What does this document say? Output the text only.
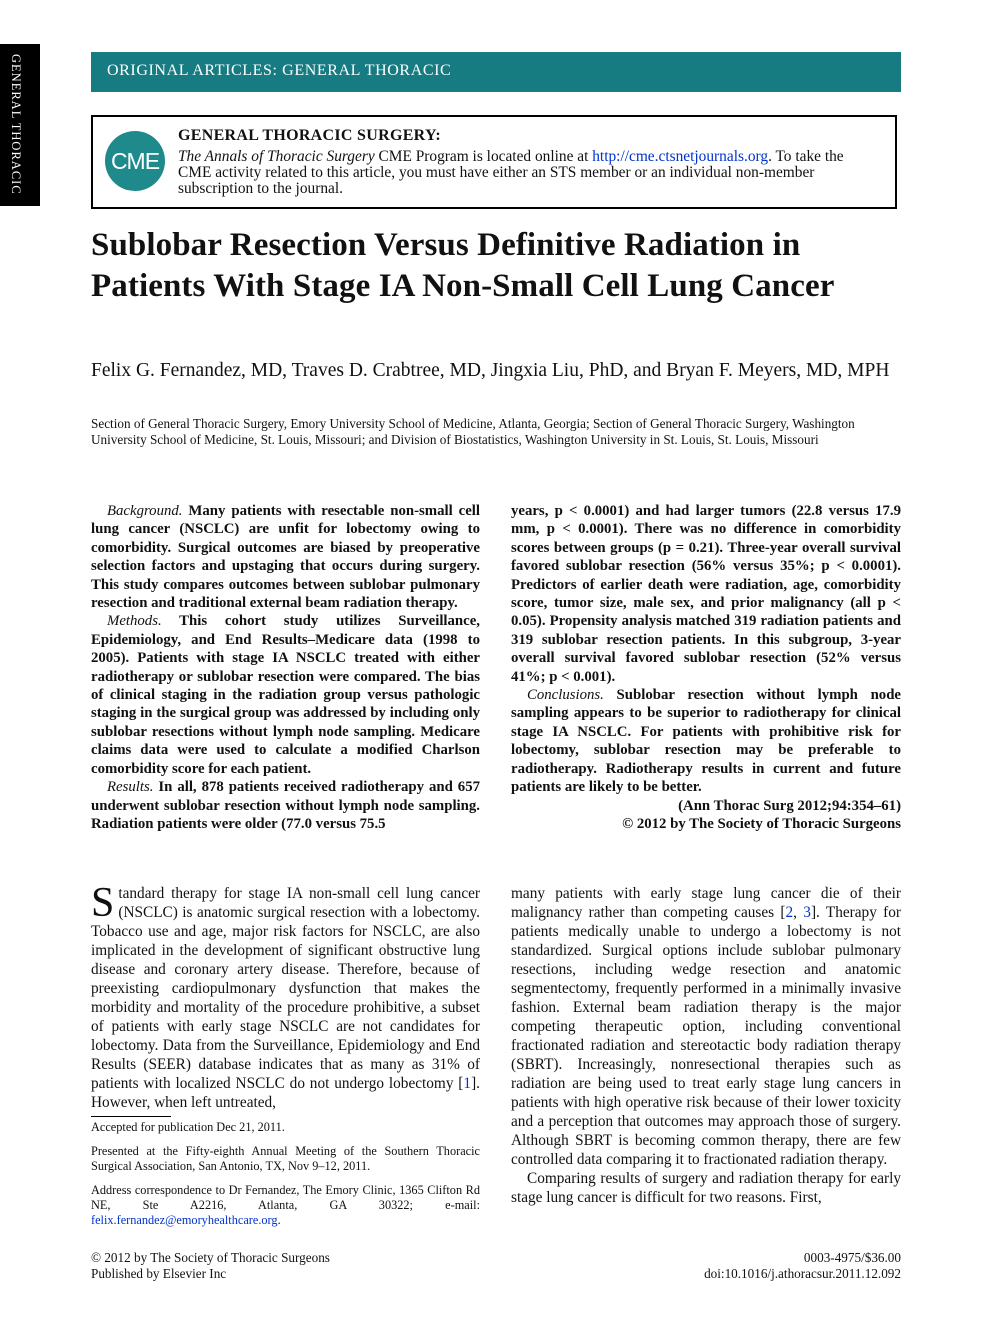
GENERAL THORACIC	ORIGINAL ARTICLES: GENERAL THORACIC
CME
GENERAL THORACIC SURGERY:
The Annals of Thoracic Surgery CME Program is located online at http://cme.ctsnetjournals.org. To take the CME activity related to this article, you must have either an STS member or an individual non-member subscription to the journal.
Sublobar Resection Versus Definitive Radiation in Patients With Stage IA Non-Small Cell Lung Cancer
Felix G. Fernandez, MD, Traves D. Crabtree, MD, Jingxia Liu, PhD, and Bryan F. Meyers, MD, MPH
Section of General Thoracic Surgery, Emory University School of Medicine, Atlanta, Georgia; Section of General Thoracic Surgery, Washington University School of Medicine, St. Louis, Missouri; and Division of Biostatistics, Washington University in St. Louis, St. Louis, Missouri

Background. Many patients with resectable non-small cell lung cancer (NSCLC) are unfit for lobectomy owing to comorbidity. Surgical outcomes are biased by preoperative selection factors and upstaging that occurs during surgery. This study compares outcomes between sublobar pulmonary resection and traditional external beam radiation therapy.

Methods. This cohort study utilizes Surveillance, Epidemiology, and End Results–Medicare data (1998 to 2005). Patients with stage IA NSCLC treated with either radiotherapy or sublobar resection were compared. The bias of clinical staging in the radiation group versus pathologic staging in the surgical group was addressed by including only sublobar resections without lymph node sampling. Medicare claims data were used to calculate a modified Charlson comorbidity score for each patient.

Results. In all, 878 patients received radiotherapy and 657 underwent sublobar resection without lymph node sampling. Radiation patients were older (77.0 versus 75.5

years, p < 0.0001) and had larger tumors (22.8 versus 17.9 mm, p < 0.0001). There was no difference in comorbidity scores between groups (p = 0.21). Three-year overall survival favored sublobar resection (56% versus 35%; p < 0.0001). Predictors of earlier death were radiation, age, comorbidity score, tumor size, male sex, and prior malignancy (all p < 0.05). Propensity analysis matched 319 radiation patients and 319 sublobar resection patients. In this subgroup, 3-year overall survival favored sublobar resection (52% versus 41%; p < 0.001).

Conclusions. Sublobar resection without lymph node sampling appears to be superior to radiotherapy for clinical stage IA NSCLC. For patients with prohibitive risk for lobectomy, sublobar resection may be preferable to radiotherapy. Radiotherapy results in current and future patients are likely to be better.

(Ann Thorac Surg 2012;94:354–61)

© 2012 by The Society of Thoracic Surgeons

Standard therapy for stage IA non-small cell lung cancer (NSCLC) is anatomic surgical resection with a lobectomy. Tobacco use and age, major risk factors for NSCLC, are also implicated in the development of significant obstructive lung disease and coronary artery disease. Therefore, because of preexisting cardiopulmonary dysfunction that makes the morbidity and mortality of the procedure prohibitive, a subset of patients with early stage NSCLC are not candidates for lobectomy. Data from the Surveillance, Epidemiology and End Results (SEER) database indicates that as many as 31% of patients with localized NSCLC do not undergo lobectomy [1]. However, when left untreated,

many patients with early stage lung cancer die of their malignancy rather than competing causes [2, 3]. Therapy for patients medically unable to undergo a lobectomy is not standardized. Surgical options include sublobar pulmonary resections, including wedge resection and anatomic segmentectomy, frequently performed in a minimally invasive fashion. External beam radiation therapy is the major competing therapeutic option, including conventional fractionated radiation and stereotactic body radiation therapy (SBRT). Increasingly, nonresectional therapies such as radiation are being used to treat early stage lung cancers in patients with high operative risk because of their lower toxicity and a perception that outcomes may approach those of surgery. Although SBRT is becoming common therapy, there are few controlled data comparing it to fractionated radiation therapy.

Comparing results of surgery and radiation therapy for early stage lung cancer is difficult for two reasons. First,

Accepted for publication Dec 21, 2011.

Presented at the Fifty-eighth Annual Meeting of the Southern Thoracic Surgical Association, San Antonio, TX, Nov 9–12, 2011.

Address correspondence to Dr Fernandez, The Emory Clinic, 1365 Clifton Rd NE, Ste A2216, Atlanta, GA 30322; e-mail: felix.fernandez@emoryhealthcare.org.

© 2012 by The Society of Thoracic Surgeons
Published by Elsevier Inc
0003-4975/$36.00
doi:10.1016/j.athoracsur.2011.12.092
